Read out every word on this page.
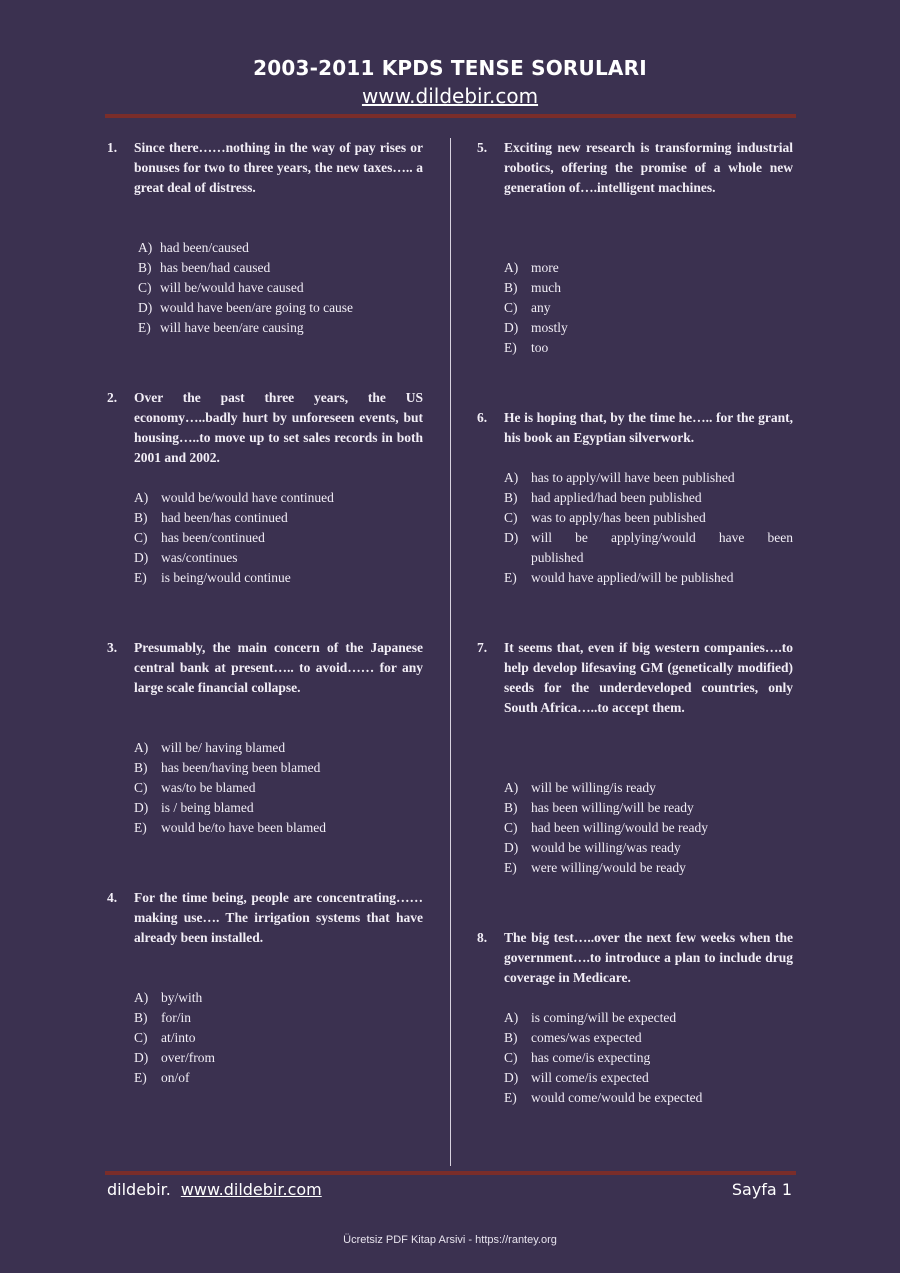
2003-2011 KPDS TENSE SORULARI
www.dildebir.com
1. Since there……nothing in the way of pay rises or bonuses for two to three years, the new taxes….. a great deal of distress.
A) had been/caused
B) has been/had caused
C) will be/would have caused
D) would have been/are going to cause
E) will have been/are causing
2. Over the past three years, the US economy…..badly hurt by unforeseen events, but housing…..to move up to set sales records in both 2001 and 2002.
A) would be/would have continued
B) had been/has continued
C) has been/continued
D) was/continues
E) is being/would continue
3. Presumably, the main concern of the Japanese central bank at present….. to avoid…… for any large scale financial collapse.
A) will be/ having blamed
B) has been/having been blamed
C) was/to be blamed
D) is / being blamed
E) would be/to have been blamed
4. For the time being, people are concentrating……making use…. The irrigation systems that have already been installed.
A) by/with
B) for/in
C) at/into
D) over/from
E) on/of
5. Exciting new research is transforming industrial robotics, offering the promise of a whole new generation of….intelligent machines.
A) more
B) much
C) any
D) mostly
E) too
6. He is hoping that, by the time he….. for the grant, his book an Egyptian silverwork.
A) has to apply/will have been published
B) had applied/had been published
C) was to apply/has been published
D) will be applying/would have been published
E) would have applied/will be published
7. It seems that, even if big western companies….to help develop lifesaving GM (genetically modified) seeds for the underdeveloped countries, only South Africa…..to accept them.
A) will be willing/is ready
B) has been willing/will be ready
C) had been willing/would be ready
D) would be willing/was ready
E) were willing/would be ready
8. The big test…..over the next few weeks when the government….to introduce a plan to include drug coverage in Medicare.
A) is coming/will be expected
B) comes/was expected
C) has come/is expecting
D) will come/is expected
E) would come/would be expected
dildebir. www.dildebir.com	Sayfa 1
Ücretsiz PDF Kitap Arsivi - https://rantey.org
